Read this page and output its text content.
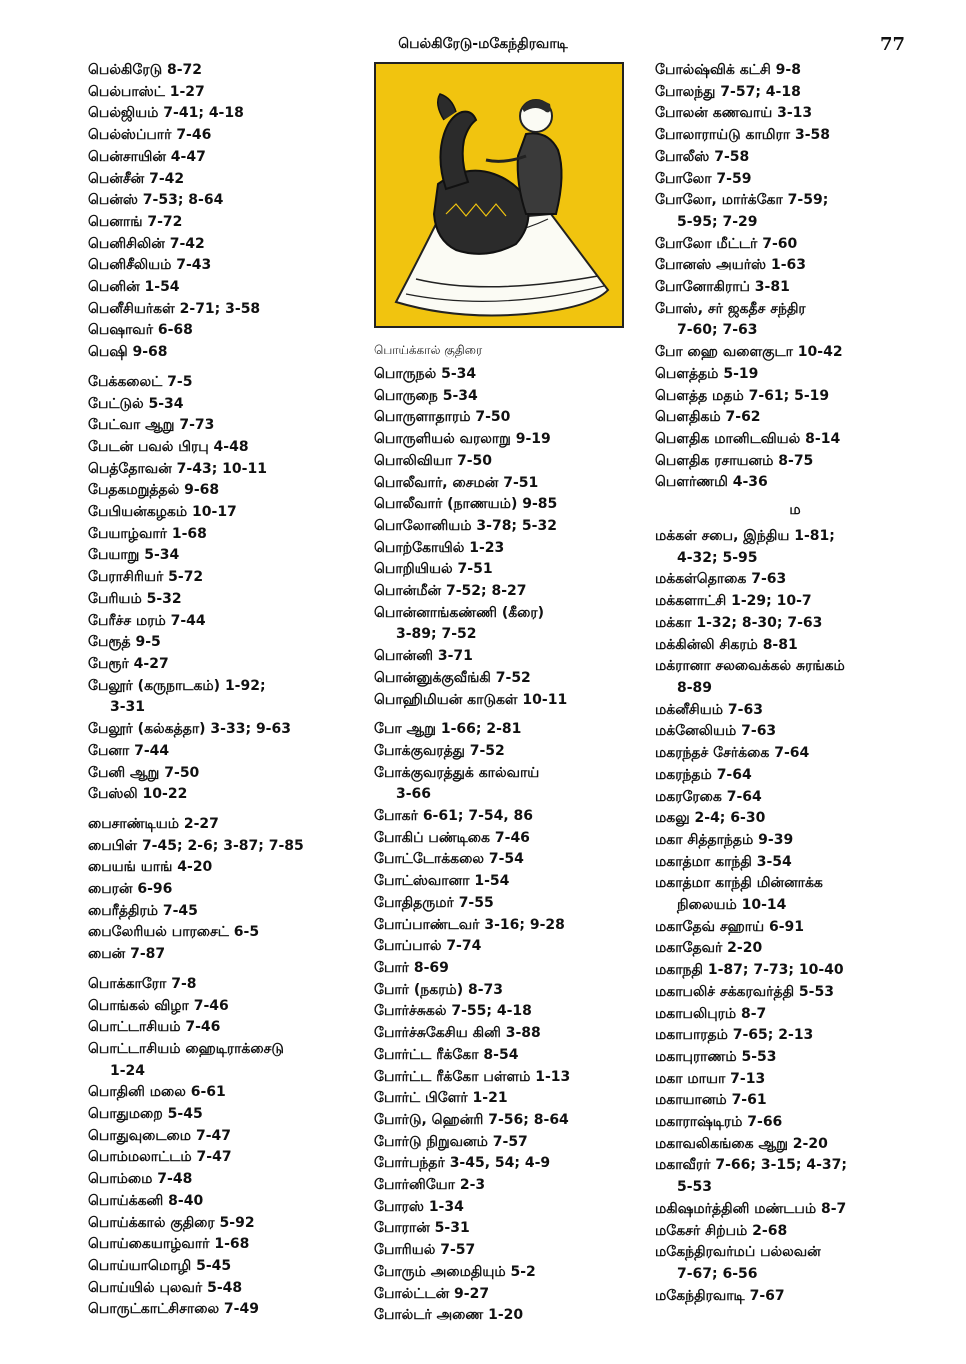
பெல்கிரேடு-மகேந்திரவாடி	77
பெல்கிரேடு 8-72
பெல்பாஸ்ட் 1-27
பெல்ஜியம் 7-41; 4-18
பெல்ஸ்ப்பார் 7-46
பென்சாயின் 4-47
பென்சீன் 7-42
பென்ஸ் 7-53; 8-64
பெனாங் 7-72
பெனிசிலின் 7-42
பெனிசீலியம் 7-43
பெனின் 1-54
பெனீசியர்கள் 2-71; 3-58
பெஷாவர் 6-68
பெஷி 9-68
பேக்கலைட் 7-5
பேட்டுல் 5-34
பேட்வா ஆறு 7-73
பேடன் பவல் பிரபு 4-48
பெத்தோவன் 7-43; 10-11
பேதகமறுத்தல் 9-68
பேபியன்கழகம் 10-17
பேயாழ்வார் 1-68
பேயாறு 5-34
பேராசிரியர் 5-72
பேரியம் 5-32
பேரீச்ச மரம் 7-44
பேரூத் 9-5
பேரூர் 4-27
பேலூர் (கருநாடகம்) 1-92;
3-31
பேலூர் (கல்கத்தா) 3-33; 9-63
பேனா 7-44
பேனி ஆறு 7-50
பேஸ்லி 10-22
பைசாண்டியம் 2-27
பைபிள் 7-45; 2-6; 3-87; 7-85
பையங் யாங் 4-20
பைரன் 6-96
பைரீத்திரம் 7-45
பைலேரியல் பாரசைட் 6-5
பைன் 7-87
பொக்காரோ 7-8
பொங்கல் விழா 7-46
பொட்டாசியம் 7-46
பொட்டாசியம் ஹைடிராக்சைடு
1-24
பொதினி மலை 6-61
பொதுமறை 5-45
பொதுவுடைமை 7-47
பொம்மலாட்டம் 7-47
பொம்மை 7-48
பொய்க்கனி 8-40
பொய்க்கால் குதிரை 5-92
பொய்கையாழ்வார் 1-68
பொய்யாமொழி 5-45
பொய்யில் புலவர் 5-48
பொருட்காட்சிசாலை 7-49
பொய்க்கால் குதிரை
பொருநல் 5-34
பொருநை 5-34
பொருளாதாரம் 7-50
பொருளியல் வரலாறு 9-19
பொலிவியா 7-50
பொலீவார், சைமன் 7-51
பொலீவார் (நாணயம்) 9-85
பொலோனியம் 3-78; 5-32
பொற்கோயில் 1-23
பொறியியல் 7-51
பொன்மீன் 7-52; 8-27
பொன்னாங்கண்ணி (கீரை)
3-89; 7-52
பொன்னி 3-71
பொன்னுக்குவீங்கி 7-52
பொஹிமியன் காடுகள் 10-11
போ ஆறு 1-66; 2-81
போக்குவரத்து 7-52
போக்குவரத்துக் கால்வாய்
3-66
போகர் 6-61; 7-54, 86
போகிப் பண்டிகை 7-46
போட்டோக்கலை 7-54
போட்ஸ்வானா 1-54
போதிதருமர் 7-55
போப்பாண்டவர் 3-16; 9-28
போப்பால் 7-74
போர் 8-69
போர் (நகரம்) 8-73
போர்ச்சுகல் 7-55; 4-18
போர்ச்சுகேசிய கினி 3-88
போர்ட்ட ரீக்கோ 8-54
போர்ட்ட ரீக்கோ பள்ளம் 1-13
போர்ட் பிளேர் 1-21
போர்டு, ஹென்ரி 7-56; 8-64
போர்டு நிறுவனம் 7-57
போர்பந்தர் 3-45, 54; 4-9
போர்னியோ 2-3
போரஸ் 1-34
போரான் 5-31
போரியல் 7-57
போரும் அமைதியும் 5-2
போல்ட்டன் 9-27
போல்டர் அணை 1-20
போல்ஷ்விக் கட்சி 9-8
போலந்து 7-57; 4-18
போலன் கணவாய் 3-13
போலாராய்டு காமிரா 3-58
போலீஸ் 7-58
போலோ 7-59
போலோ, மார்க்கோ 7-59;
5-95; 7-29
போலோ மீட்டர் 7-60
போனஸ் அயர்ஸ் 1-63
போனோகிராப் 3-81
போஸ், சர் ஜகதீச சந்திர
7-60; 7-63
போ ஹை வளைகுடா 10-42
பௌத்தம் 5-19
பௌத்த மதம் 7-61; 5-19
பௌதிகம் 7-62
பௌதிக மானிடவியல் 8-14
பௌதிக ரசாயனம் 8-75
பௌர்ணமி 4-36
ம
மக்கள் சபை, இந்திய 1-81;
4-32; 5-95
மக்கள்தொகை 7-63
மக்களாட்சி 1-29; 10-7
மக்கா 1-32; 8-30; 7-63
மக்கின்லி சிகரம் 8-81
மக்ரானா சலவைக்கல் சுரங்கம்
8-89
மக்னீசியம் 7-63
மக்னேலியம் 7-63
மகரந்தச் சேர்க்கை 7-64
மகரந்தம் 7-64
மகரரேகை 7-64
மகலு 2-4; 6-30
மகா சித்தாந்தம் 9-39
மகாத்மா காந்தி 3-54
மகாத்மா காந்தி மின்னாக்க
நிலையம் 10-14
மகாதேவ் சஹாய் 6-91
மகாதேவர் 2-20
மகாநதி 1-87; 7-73; 10-40
மகாபலிச் சக்கரவர்த்தி 5-53
மகாபலிபுரம் 8-7
மகாபாரதம் 7-65; 2-13
மகாபுராணம் 5-53
மகா மாயா 7-13
மகாயானம் 7-61
மகாராஷ்டிரம் 7-66
மகாவலிகங்கை ஆறு 2-20
மகாவீரர் 7-66; 3-15; 4-37;
5-53
மகிஷமர்த்தினி மண்டபம் 8-7
மகேசர் சிற்பம் 2-68
மகேந்திரவர்மப் பல்லவன்
7-67; 6-56
மகேந்திரவாடி 7-67
